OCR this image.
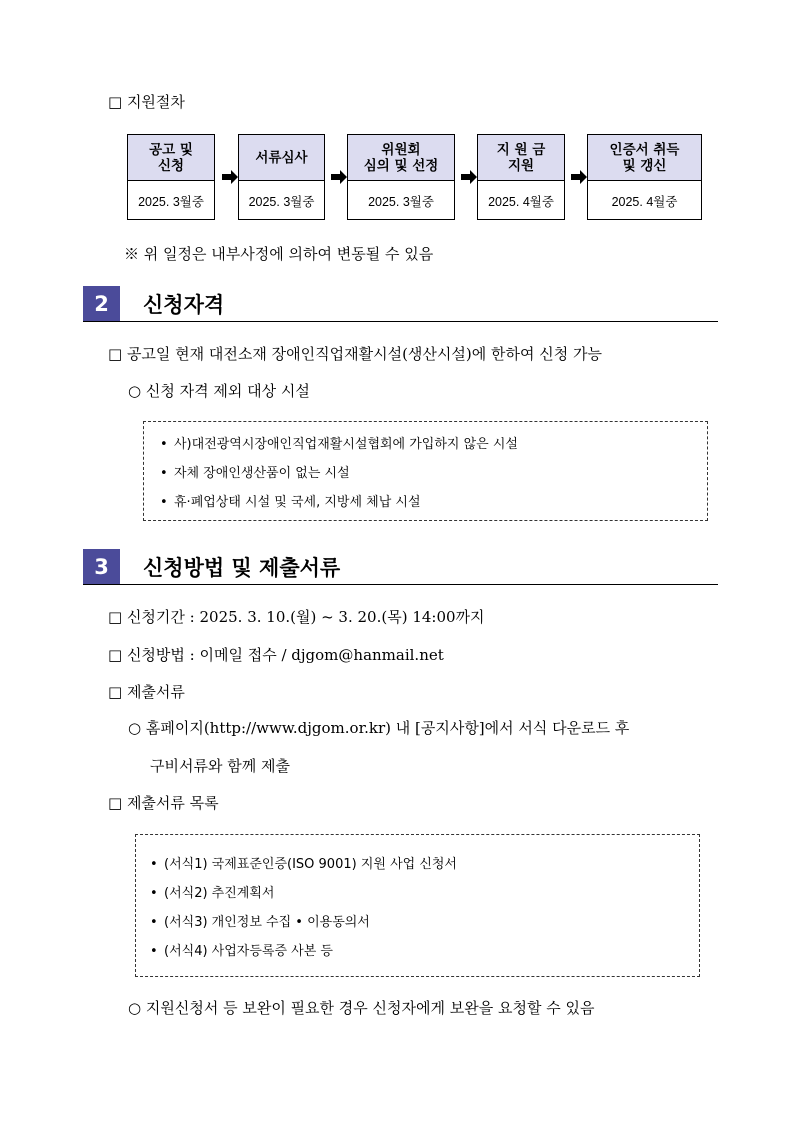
□ 지원절차
공고 및
신청
2025. 3월중
서류심사
2025. 3월중
위원회
심의 및 선정
2025. 3월중
지 원 금
지원
2025. 4월중
인증서 취득
및 갱신
2025. 4월중
※ 위 일정은 내부사정에 의하여 변동될 수 있음
2	신청자격
□ 공고일 현재 대전소재 장애인직업재활시설(생산시설)에 한하여 신청 가능
○ 신청 자격 제외 대상 시설
• 사)대전광역시장애인직업재활시설협회에 가입하지 않은 시설
• 자체 장애인생산품이 없는 시설
• 휴·폐업상태 시설 및 국세, 지방세 체납 시설
3	신청방법 및 제출서류
□ 신청기간 : 2025. 3. 10.(월) ~ 3. 20.(목) 14:00까지
□ 신청방법 : 이메일 접수 / djgom@hanmail.net
□ 제출서류
○ 홈페이지(http://www.djgom.or.kr) 내 [공지사항]에서 서식 다운로드 후
구비서류와 함께 제출
□ 제출서류 목록
• (서식1) 국제표준인증(ISO 9001) 지원 사업 신청서
• (서식2) 추진계획서
• (서식3) 개인정보 수집 • 이용동의서
• (서식4) 사업자등록증 사본 등
○ 지원신청서 등 보완이 필요한 경우 신청자에게 보완을 요청할 수 있음
